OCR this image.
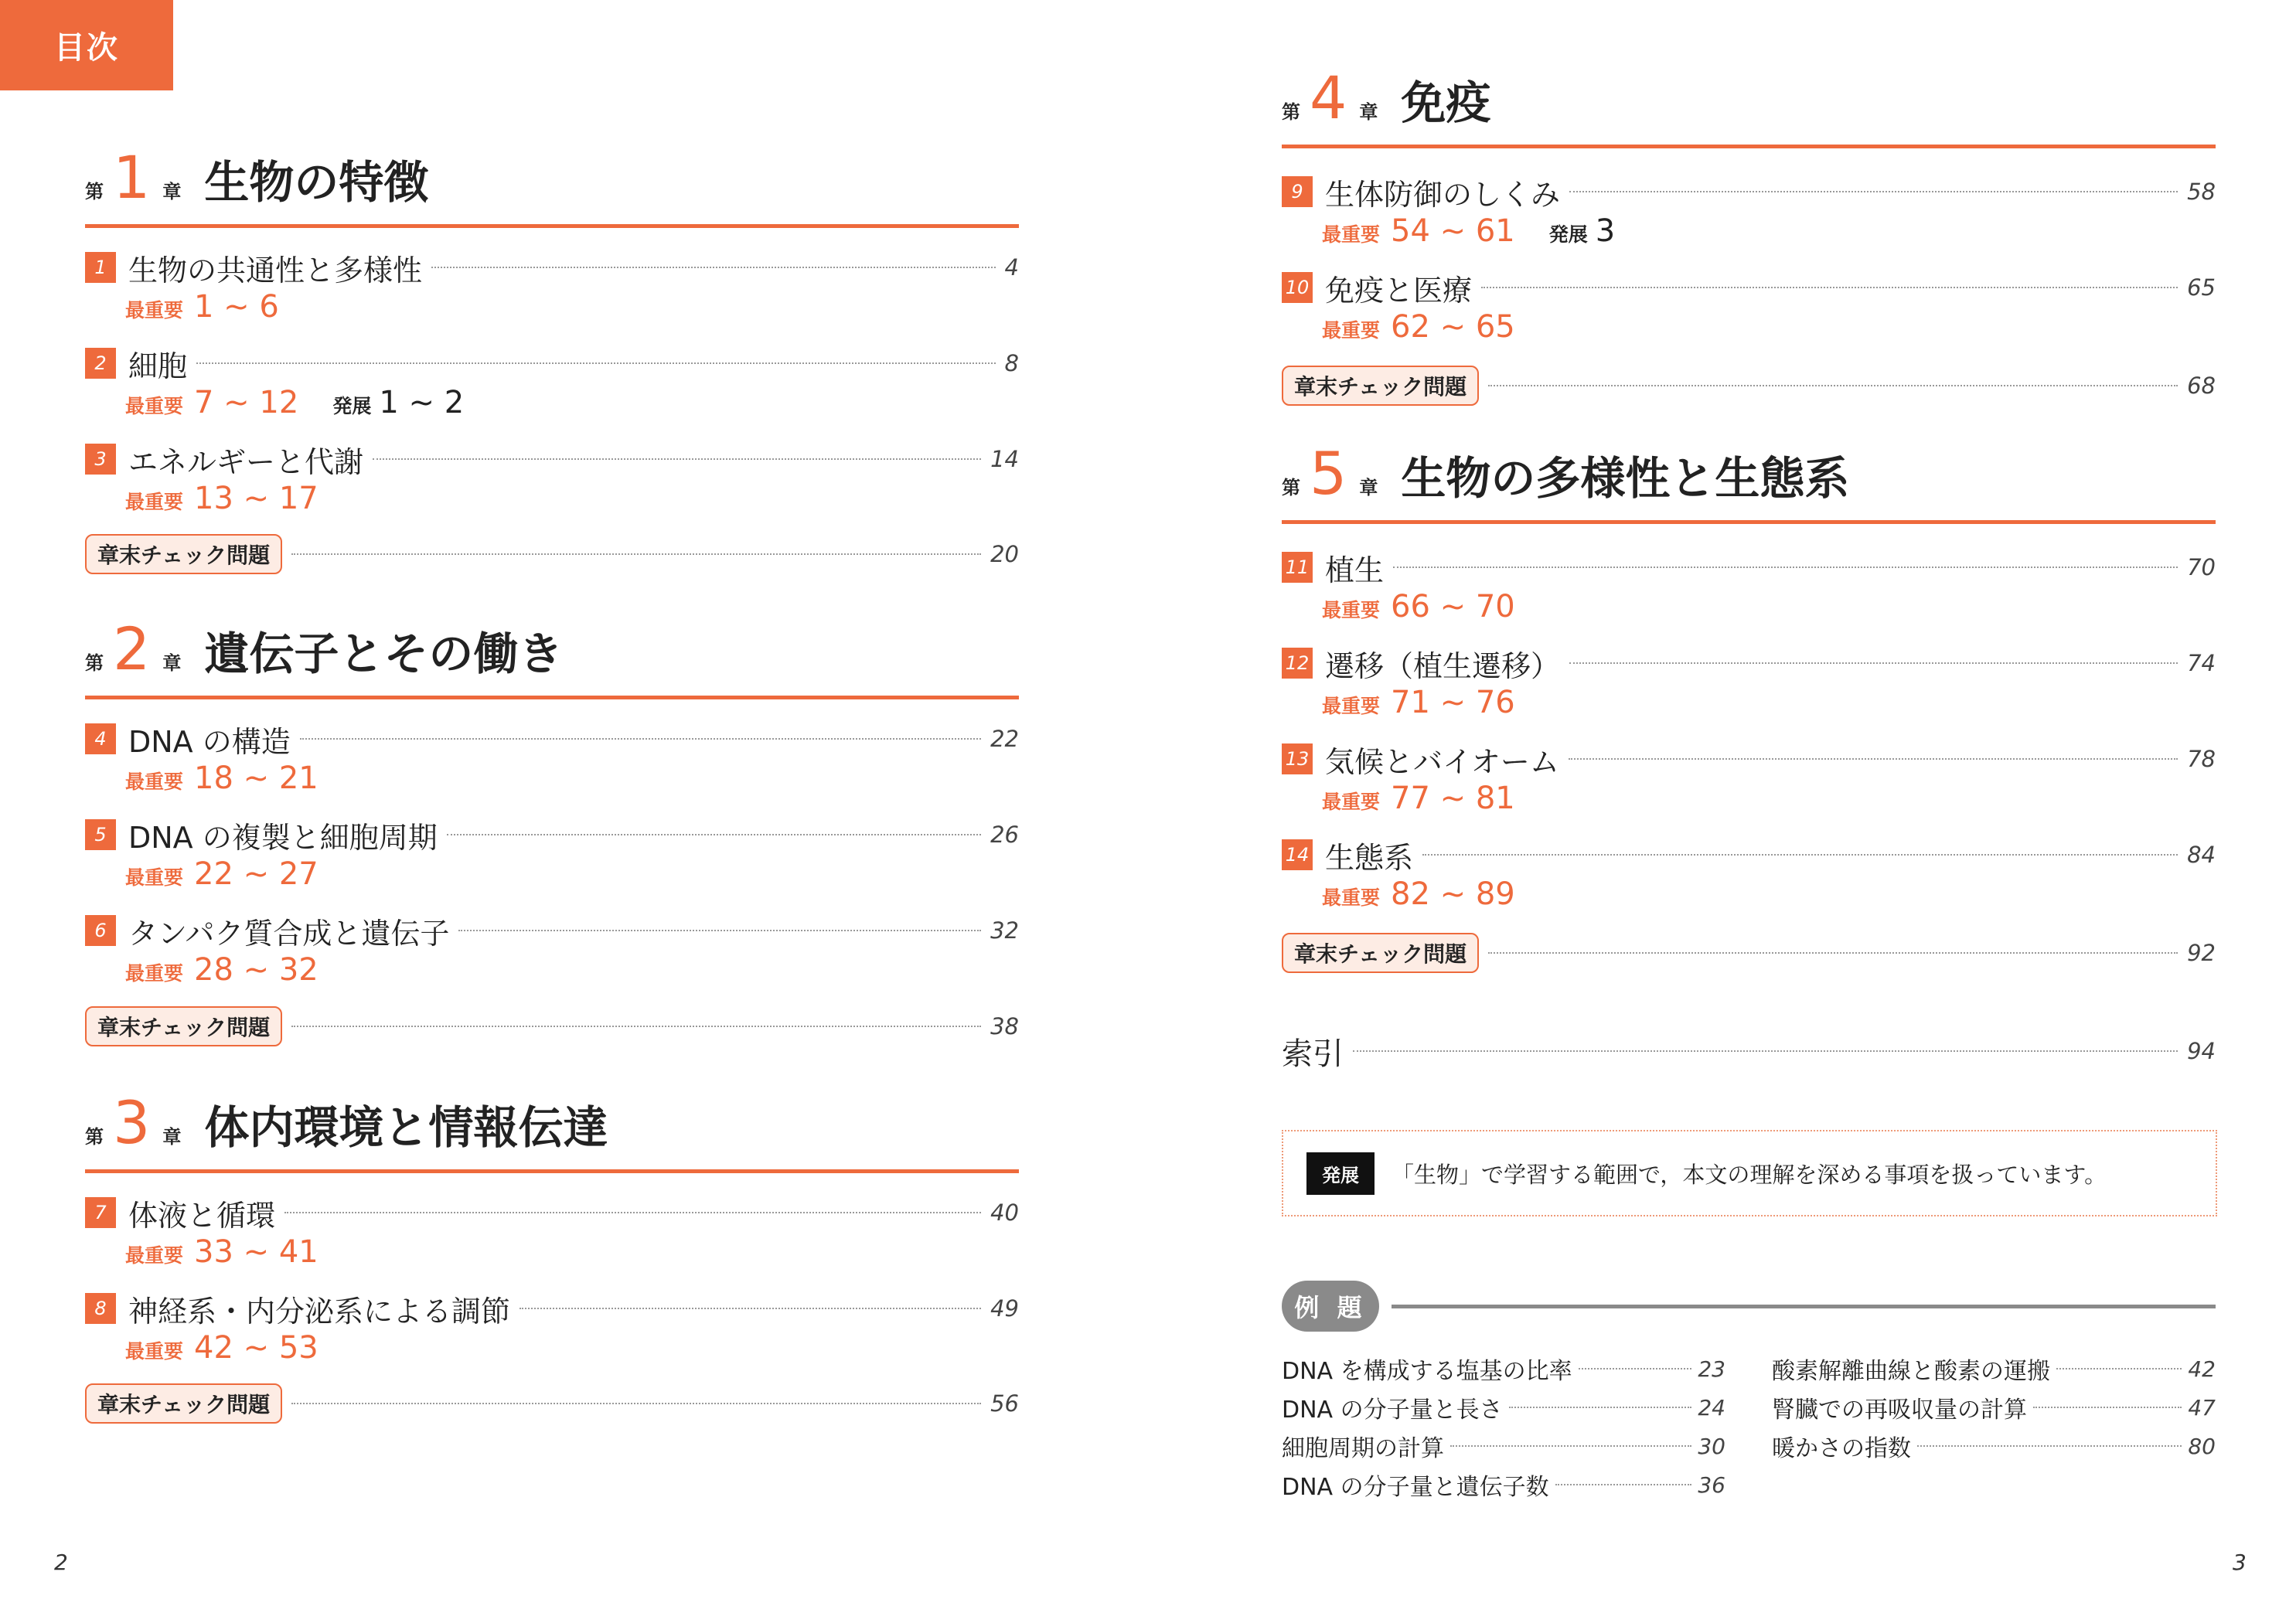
目次
第 1 章 生物の特徴
1 生物の共通性と多様性	4
最重要 1 ~ 6
2 細胞	8
最重要 7 ~ 12 発展 1 ~ 2
3 エネルギーと代謝	14
最重要 13 ~ 17
章末チェック問題	20
第 2 章 遺伝子とその働き
4 DNA の構造	22
最重要 18 ~ 21
5 DNA の複製と細胞周期	26
最重要 22 ~ 27
6 タンパク質合成と遺伝子	32
最重要 28 ~ 32
章末チェック問題	38
第 3 章 体内環境と情報伝達
7 体液と循環	40
最重要 33 ~ 41
8 神経系・内分泌系による調節	49
最重要 42 ~ 53
章末チェック問題	56
第 4 章 免疫
9 生体防御のしくみ	58
最重要 54 ~ 61 発展 3
10 免疫と医療	65
最重要 62 ~ 65
章末チェック問題	68
第 5 章 生物の多様性と生態系
11 植生	70
最重要 66 ~ 70
12 遷移（植生遷移）	74
最重要 71 ~ 76
13 気候とバイオーム	78
最重要 77 ~ 81
14 生態系	84
最重要 82 ~ 89
章末チェック問題	92
索引	94
発展	「生物」で学習する範囲で，本文の理解を深める事項を扱っています。
例 題
DNA を構成する塩基の比率	23
DNA の分子量と長さ	24
細胞周期の計算	30
DNA の分子量と遺伝子数	36
酸素解離曲線と酸素の運搬	42
腎臓での再吸収量の計算	47
暖かさの指数	80
2	3
